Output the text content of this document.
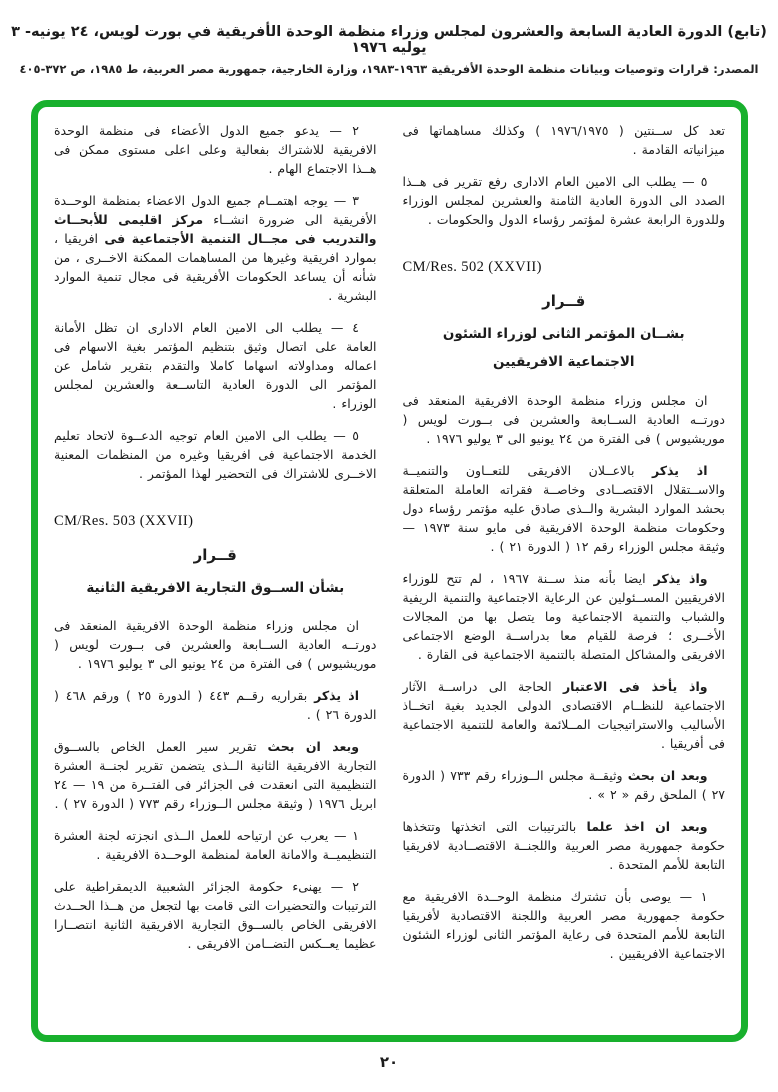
(تابع) الدورة العادية السابعة والعشرون لمجلس وزراء منظمة الوحدة الأفريقية في بورت لويس، ٢٤ يونيه- ٣ يوليه ١٩٧٦
المصدر: قرارات وتوصيات وبيانات منظمة الوحدة الأفريقية ١٩٦٣-١٩٨٣، وزارة الخارجية، جمهورية مصر العربية، ط ١٩٨٥، ص ٣٧٢-٤٠٥

تعد كل ســنتين ( ١٩٧٦/١٩٧٥ ) وكذلك مساهماتها فى ميزانياته القادمة .

٥ — يطلب الى الامين العام الادارى رفع تقرير فى هــذا الصدد الى الدورة العادية الثامنة والعشرين لمجلس الوزراء وللدورة الرابعة عشرة لمؤتمر رؤساء الدول والحكومات .

CM/Res. 502 (XXVII)
قــرار
بشــان المؤتمر الثانى لوزراء الشئون
الاجتماعية الافريقيين

ان مجلس وزراء منظمة الوحدة الافريقية المنعقد فى دورتــه العادية الســابعة والعشرين فى بــورت لويس ( موريشيوس ) فى الفترة من ٢٤ يونيو الى ٣ يوليو ١٩٧٦ .

اذ يذكر بالاعــلان الافريقى للتعــاون والتنميــة والاســتقلال الاقتصــادى وخاصــة فقراته العاملة المتعلقة بحشد الموارد البشرية والــذى صادق عليه مؤتمر رؤساء دول وحكومات منظمة الوحدة الافريقية فى مايو سنة ١٩٧٣ — وثيقة مجلس الوزراء رقم ١٢ ( الدورة ٢١ ) .

واذ يذكر ايضا بأنه منذ ســنة ١٩٦٧ ، لم تتح للوزراء الافريقيين المســئولين عن الرعاية الاجتماعية والتنمية الريفية والشباب والتنمية الاجتماعية وما يتصل بها من المجالات الأخــرى ؛ فرصة للقيام معا بدراســة الوضع الاجتماعى الافريقى والمشاكل المتصلة بالتنمية الاجتماعية فى القارة .

واذ يأخذ فى الاعتبار الحاجة الى دراســة الآثار الاجتماعية للنظــام الاقتصادى الدولى الجديد بغية اتخــاذ الأساليب والاستراتيجيات المــلائمة والعامة للتنمية الاجتماعية فى أفريقيا .

وبعد ان بحث وثيقــة مجلس الــوزراء رقم ٧٣٣ ( الدورة ٢٧ ) الملحق رقم « ٢ » .

وبعد ان اخذ علما بالترتيبات التى اتخذتها وتتخذها حكومة جمهورية مصر العربية واللجنــة الاقتصــادية لافريقيا التابعة للأمم المتحدة .

١ — يوصى بأن تشترك منظمة الوحــدة الافريقية مع حكومة جمهورية مصر العربية واللجنة الاقتصادية لأفريقيا التابعة للأمم المتحدة فى رعاية المؤتمر الثانى لوزراء الشئون الاجتماعية الافريقيين .

٢ — يدعو جميع الدول الأعضاء فى منظمة الوحدة الافريقية للاشتراك بفعالية وعلى اعلى مستوى ممكن فى هــذا الاجتماع الهام .

٣ — يوجه اهتمــام جميع الدول الاعضاء بمنظمة الوحــدة الأفريقية الى ضرورة انشــاء مركز اقليمى للأبحــاث والتدريب فى مجــال التنمية الأجتماعية فى افريقيا ، بموارد افريقية وغيرها من المساهمات الممكنة الاخــرى ، من شأنه أن يساعد الحكومات الأفريقية فى مجال تنمية الموارد البشرية .

٤ — يطلب الى الامين العام الادارى ان تظل الأمانة العامة على اتصال وثيق بتنظيم المؤتمر بغية الاسهام فى اعماله ومداولاته اسهاما كاملا والتقدم بتقرير شامل عن المؤتمر الى الدورة العادية التاســعة والعشرين لمجلس الوزراء .

٥ — يطلب الى الامين العام توجيه الدعــوة لاتحاد تعليم الخدمة الاجتماعية فى افريقيا وغيره من المنظمات المعنية الاخــرى للاشتراك فى التحضير لهذا المؤتمر .

CM/Res. 503 (XXVII)
قــرار
بشأن الســوق التجارية الافريقية الثانية

ان مجلس وزراء منظمة الوحدة الافريقية المنعقد فى دورتــه العادية الســابعة والعشرين فى بــورت لويس ( موريشيوس ) فى الفترة من ٢٤ يونيو الى ٣ يوليو ١٩٧٦ .

اذ يذكر بقراريه رقــم ٤٤٣ ( الدورة ٢٥ ) ورقم ٤٦٨ ( الدورة ٢٦ ) .

وبعد ان بحث تقرير سير العمل الخاص بالســوق التجارية الافريقية الثانية الــذى يتضمن تقرير لجنــة العشرة التنظيمية التى انعقدت فى الجزائر فى الفتــرة من ١٩ — ٢٤ ابريل ١٩٧٦ ( وثيقة مجلس الــوزراء رقم ٧٧٣ ( الدورة ٢٧ ) .

١ — يعرب عن ارتياحه للعمل الــذى انجزته لجنة العشرة التنظيميــة والامانة العامة لمنظمة الوحــدة الافريقية .

٢ — يهنىء حكومة الجزائر الشعبية الديمقراطية على الترتيبات والتحضيرات التى قامت بها لتجعل من هــذا الحــدث الافريقى الخاص بالســوق التجارية الافريقية الثانية انتصــارا عظيما يعــكس التضــامن الافريقى .

٢٠
